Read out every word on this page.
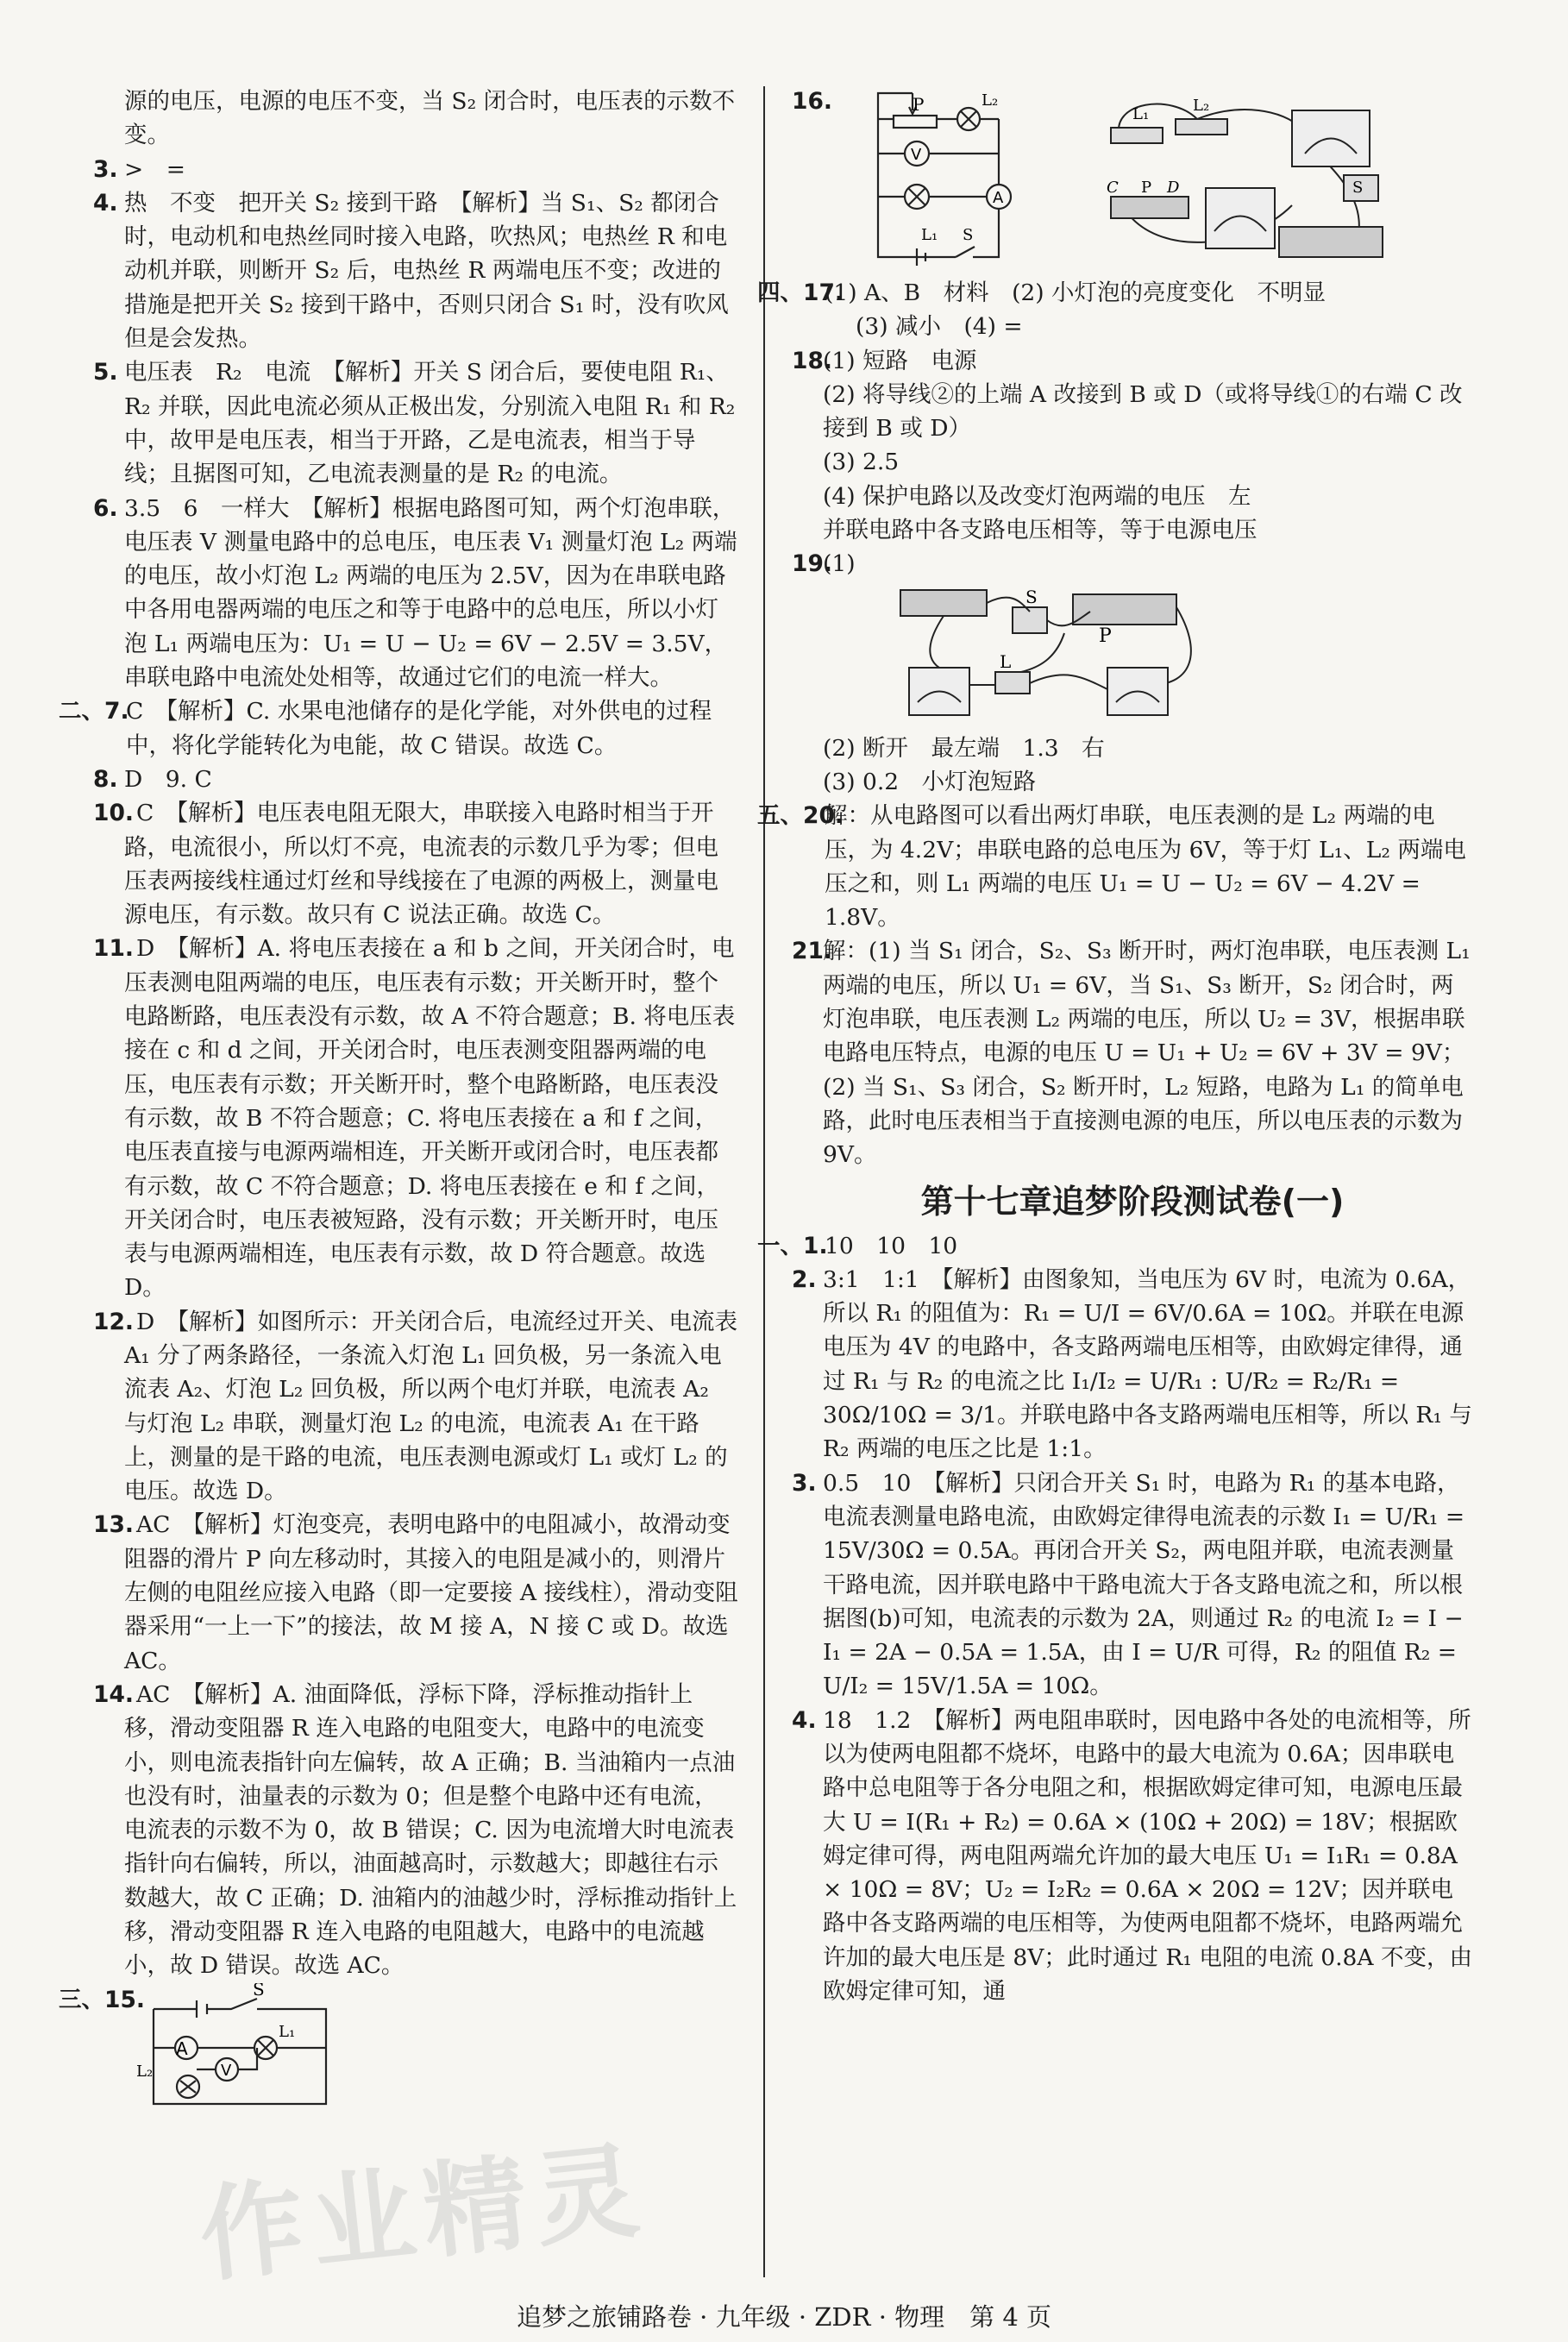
源的电压，电源的电压不变，当 S₂ 闭合时，电压表的示数不变。

3. >　=

4. 热　不变　把开关 S₂ 接到干路　【解析】当 S₁、S₂ 都闭合时，电动机和电热丝同时接入电路，吹热风；电热丝 R 和电动机并联，则断开 S₂ 后，电热丝 R 两端电压不变；改进的措施是把开关 S₂ 接到干路中，否则只闭合 S₁ 时，没有吹风但是会发热。

5. 电压表　R₂　电流　【解析】开关 S 闭合后，要使电阻 R₁、R₂ 并联，因此电流必须从正极出发，分别流入电阻 R₁ 和 R₂ 中，故甲是电压表，相当于开路，乙是电流表，相当于导线；且据图可知，乙电流表测量的是 R₂ 的电流。

6. 3.5　6　一样大　【解析】根据电路图可知，两个灯泡串联，电压表 V 测量电路中的总电压，电压表 V₁ 测量灯泡 L₂ 两端的电压，故小灯泡 L₂ 两端的电压为 2.5V，因为在串联电路中各用电器两端的电压之和等于电路中的总电压，所以小灯泡 L₁ 两端电压为：U₁ = U − U₂ = 6V − 2.5V = 3.5V，串联电路中电流处处相等，故通过它们的电流一样大。

二、7.
C　【解析】C. 水果电池储存的是化学能，对外供电的过程中，将化学能转化为电能，故 C 错误。故选 C。

8. D　9. C

10. C　【解析】电压表电阻无限大，串联接入电路时相当于开路，电流很小，所以灯不亮，电流表的示数几乎为零；但电压表两接线柱通过灯丝和导线接在了电源的两极上，测量电源电压，有示数。故只有 C 说法正确。故选 C。

11. D　【解析】A. 将电压表接在 a 和 b 之间，开关闭合时，电压表测电阻两端的电压，电压表有示数；开关断开时，整个电路断路，电压表没有示数，故 A 不符合题意；B. 将电压表接在 c 和 d 之间，开关闭合时，电压表测变阻器两端的电压，电压表有示数；开关断开时，整个电路断路，电压表没有示数，故 B 不符合题意；C. 将电压表接在 a 和 f 之间，电压表直接与电源两端相连，开关断开或闭合时，电压表都有示数，故 C 不符合题意；D. 将电压表接在 e 和 f 之间，开关闭合时，电压表被短路，没有示数；开关断开时，电压表与电源两端相连，电压表有示数，故 D 符合题意。故选 D。

12. D　【解析】如图所示：开关闭合后，电流经过开关、电流表 A₁ 分了两条路径，一条流入灯泡 L₁ 回负极，另一条流入电流表 A₂、灯泡 L₂ 回负极，所以两个电灯并联，电流表 A₂ 与灯泡 L₂ 串联，测量灯泡 L₂ 的电流，电流表 A₁ 在干路上，测量的是干路的电流，电压表测电源或灯 L₁ 或灯 L₂ 的电压。故选 D。

13. AC　【解析】灯泡变亮，表明电路中的电阻减小，故滑动变阻器的滑片 P 向左移动时，其接入的电阻是减小的，则滑片左侧的电阻丝应接入电路（即一定要接 A 接线柱），滑动变阻器采用“一上一下”的接法，故 M 接 A，N 接 C 或 D。故选 AC。

14. AC　【解析】A. 油面降低，浮标下降，浮标推动指针上移，滑动变阻器 R 连入电路的电阻变大，电路中的电流变小，则电流表指针向左偏转，故 A 正确；B. 当油箱内一点油也没有时，油量表的示数为 0；但是整个电路中还有电流，电流表的示数不为 0，故 B 错误；C. 因为电流增大时电流表指针向右偏转，所以，油面越高时，示数越大；即越往右示数越大，故 C 正确；D. 油箱内的油越少时，浮标推动指针上移，滑动变阻器 R 连入电路的电阻越大，电路中的电流越小，故 D 错误。故选 AC。

三、15.
A
V
S
L₁
L₂
16.	P	L₂
V
A
L₁ S
L₁	L₂
C P D	S

四、17.
(1) A、B　材料　(2) 小灯泡的亮度变化　不明显

(3) 减小　(4) =

18.
(1) 短路　电源
(2) 将导线②的上端 A 改接到 B 或 D（或将导线①的右端 C 改接到 B 或 D）
(3) 2.5
(4) 保护电路以及改变灯泡两端的电压　左
并联电路中各支路电压相等，等于电源电压
19.
(1)
S
P
L
(2) 断开　最左端　1.3　右
(3) 0.2　小灯泡短路

五、20.
解：从电路图可以看出两灯串联，电压表测的是 L₂ 两端的电压，为 4.2V；串联电路的总电压为 6V，等于灯 L₁、L₂ 两端电压之和，则 L₁ 两端的电压 U₁ = U − U₂ = 6V − 4.2V = 1.8V。

21.
解：(1) 当 S₁ 闭合，S₂、S₃ 断开时，两灯泡串联，电压表测 L₁ 两端的电压，所以 U₁ = 6V，当 S₁、S₃ 断开，S₂ 闭合时，两灯泡串联，电压表测 L₂ 两端的电压，所以 U₂ = 3V，根据串联电路电压特点，电源的电压 U = U₁ + U₂ = 6V + 3V = 9V；

(2) 当 S₁、S₃ 闭合，S₂ 断开时，L₂ 短路，电路为 L₁ 的简单电路，此时电压表相当于直接测电源的电压，所以电压表的示数为 9V。

第十七章追梦阶段测试卷(一)

一、1.
10　10　10

2. 3:1　1:1　【解析】由图象知，当电压为 6V 时，电流为 0.6A，所以 R₁ 的阻值为：R₁ = U/I = 6V/0.6A = 10Ω。并联在电源电压为 4V 的电路中，各支路两端电压相等，由欧姆定律得，通过 R₁ 与 R₂ 的电流之比 I₁/I₂ = U/R₁ : U/R₂ = R₂/R₁ = 30Ω/10Ω = 3/1。并联电路中各支路两端电压相等，所以 R₁ 与 R₂ 两端的电压之比是 1:1。

3. 0.5　10　【解析】只闭合开关 S₁ 时，电路为 R₁ 的基本电路，电流表测量电路电流，由欧姆定律得电流表的示数 I₁ = U/R₁ = 15V/30Ω = 0.5A。再闭合开关 S₂，两电阻并联，电流表测量干路电流，因并联电路中干路电流大于各支路电流之和，所以根据图(b)可知，电流表的示数为 2A，则通过 R₂ 的电流 I₂ = I − I₁ = 2A − 0.5A = 1.5A，由 I = U/R 可得，R₂ 的阻值 R₂ = U/I₂ = 15V/1.5A = 10Ω。

4. 18　1.2　【解析】两电阻串联时，因电路中各处的电流相等，所以为使两电阻都不烧坏，电路中的最大电流为 0.6A；因串联电路中总电阻等于各分电阻之和，根据欧姆定律可知，电源电压最大 U = I(R₁ + R₂) = 0.6A × (10Ω + 20Ω) = 18V；根据欧姆定律可得，两电阻两端允许加的最大电压 U₁ = I₁R₁ = 0.8A × 10Ω = 8V；U₂ = I₂R₂ = 0.6A × 20Ω = 12V；因并联电路中各支路两端的电压相等，为使两电阻都不烧坏，电路两端允许加的最大电压是 8V；此时通过 R₁ 电阻的电流 0.8A 不变，由欧姆定律可知，通

作业精灵
追梦之旅铺路卷 · 九年级 · ZDR · 物理　第 4 页
